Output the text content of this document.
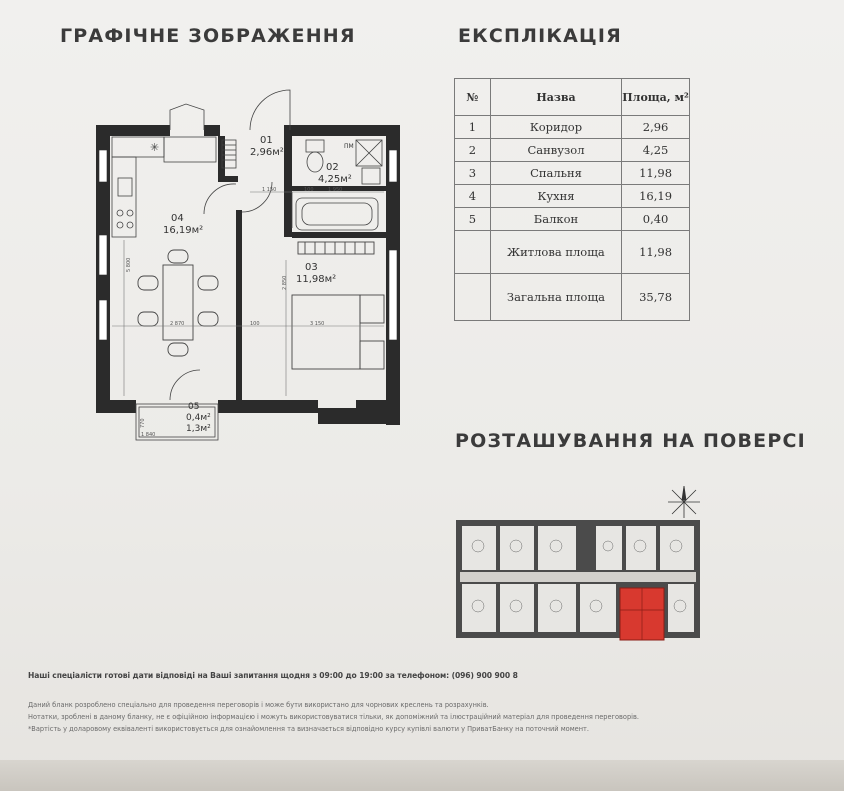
ГРАФІЧНЕ ЗОБРАЖЕННЯ	ЕКСПЛІКАЦІЯ
РОЗТАШУВАННЯ НА ПОВЕРСІ
№	Назва	Площа, м²
1	Коридор	2,96
2	Санвузол	4,25
3	Спальня	11,98
4	Кухня	16,19
5	Балкон	0,40
	Житлова площа	11,98
	Загальна площа	35,78
✳
01
2,96м²
02
4,25м²
ПМ
03
11,98м²
04
16,19м²
05
0,4м²
1,3м²
1 150	100	1 950
2 870	100	3 150
5 800
2 850
1 840
770
Наші спеціалісти готові дати відповіді на Ваші запитання щодня з 09:00 до 19:00 за телефоном: (096) 900 900 8
Даний бланк розроблено спеціально для проведення переговорів і може бути використано для чорнових креслень та розрахунків.
Нотатки, зроблені в даному бланку, не є офіційною інформацією і можуть використовуватися тільки, як допоміжний та ілюстраційний матеріал для проведення переговорів.
*Вартість у доларовому еквіваленті використовується для ознайомлення та визначається відповідно курсу купівлі валюти у ПриватБанку на поточний момент.
